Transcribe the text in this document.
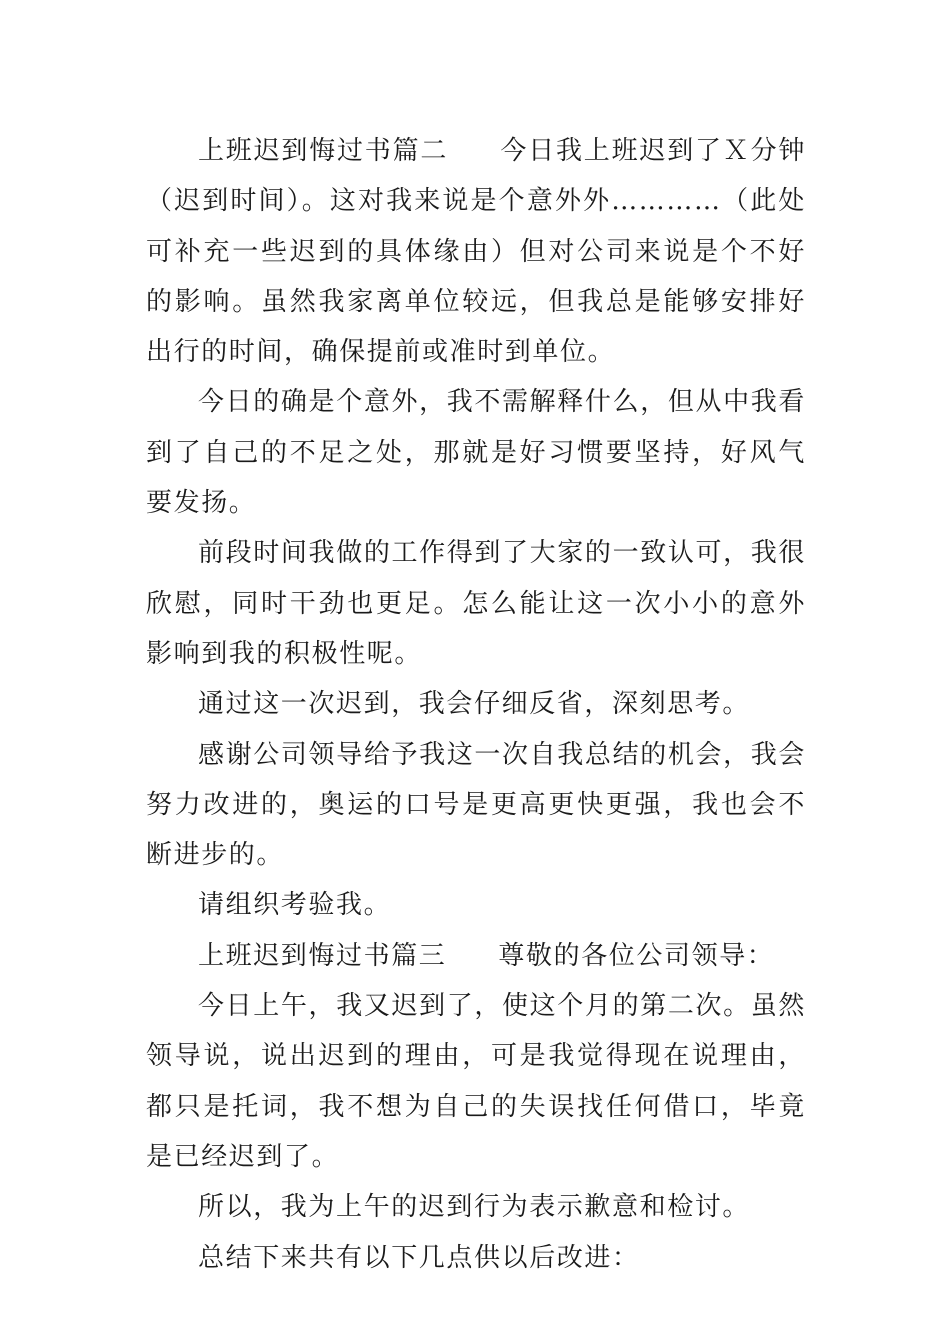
上班迟到悔过书篇二 今日我上班迟到了Ｘ分钟（迟到时间）。这对我来说是个意外外…………（此处可补充一些迟到的具体缘由）但对公司来说是个不好的影响。虽然我家离单位较远，但我总是能够安排好出行的时间，确保提前或准时到单位。

今日的确是个意外，我不需解释什么，但从中我看到了自己的不足之处，那就是好习惯要坚持，好风气要发扬。

前段时间我做的工作得到了大家的一致认可，我很欣慰，同时干劲也更足。怎么能让这一次小小的意外影响到我的积极性呢。

通过这一次迟到，我会仔细反省，深刻思考。

感谢公司领导给予我这一次自我总结的机会，我会努力改进的，奥运的口号是更高更快更强，我也会不断进步的。

请组织考验我。

上班迟到悔过书篇三 尊敬的各位公司领导：

今日上午，我又迟到了，使这个月的第二次。虽然领导说，说出迟到的理由，可是我觉得现在说理由，都只是托词，我不想为自己的失误找任何借口，毕竟是已经迟到了。

所以，我为上午的迟到行为表示歉意和检讨。

总结下来共有以下几点供以后改进：
